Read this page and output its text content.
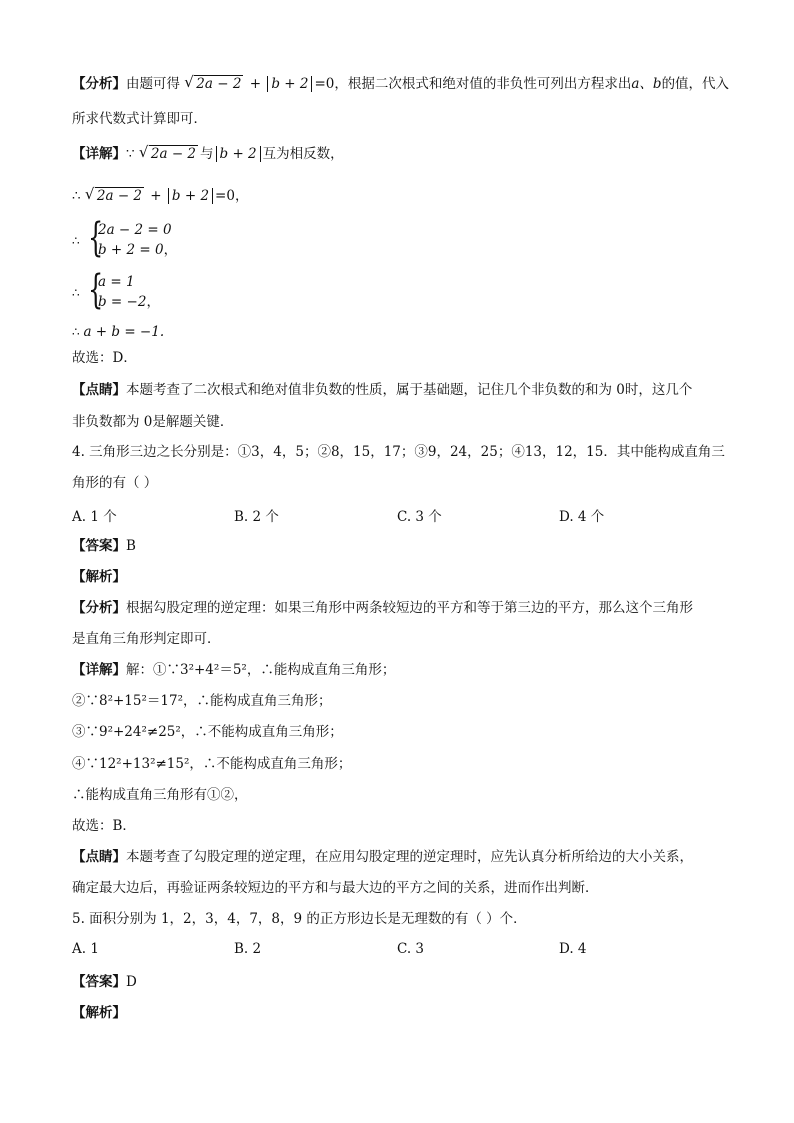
【分析】由题可得 √ 2a − 2 + b + 2 =0，根据二次根式和绝对值的非负性可列出方程求出a、b的值，代入
所求代数式计算即可．
【详解】∵ √ 2a − 2 与 b + 2 互为相反数，
∴ √ 2a − 2 + b + 2 =0，
∴ {
2a − 2 = 0
b + 2 = 0，
∴ {
a = 1
b = −2，
∴ a + b = −1.
故选：D．
【点睛】本题考查了二次根式和绝对值非负数的性质，属于基础题，记住几个非负数的和为 0时，这几个
非负数都为 0是解题关键．
4. 三角形三边之长分别是：①3，4，5；②8，15，17；③9，24，25；④13，12，15．其中能构成直角三
角形的有（ ）
A. 1 个	B. 2 个	C. 3 个	D. 4 个
【答案】B
【解析】
【分析】根据勾股定理的逆定理：如果三角形中两条较短边的平方和等于第三边的平方，那么这个三角形
是直角三角形判定即可．
【详解】解：①∵3²+4²＝5²，∴能构成直角三角形；
②∵8²+15²＝17²，∴能构成直角三角形；
③∵9²+24²≠25²，∴不能构成直角三角形；
④∵12²+13²≠15²，∴不能构成直角三角形；
∴能构成直角三角形有①②，
故选：B．
【点睛】本题考查了勾股定理的逆定理，在应用勾股定理的逆定理时，应先认真分析所给边的大小关系，
确定最大边后，再验证两条较短边的平方和与最大边的平方之间的关系，进而作出判断．
5. 面积分别为 1，2，3，4，7，8，9 的正方形边长是无理数的有（ ）个．
A. 1	B. 2	C. 3	D. 4
【答案】D
【解析】
